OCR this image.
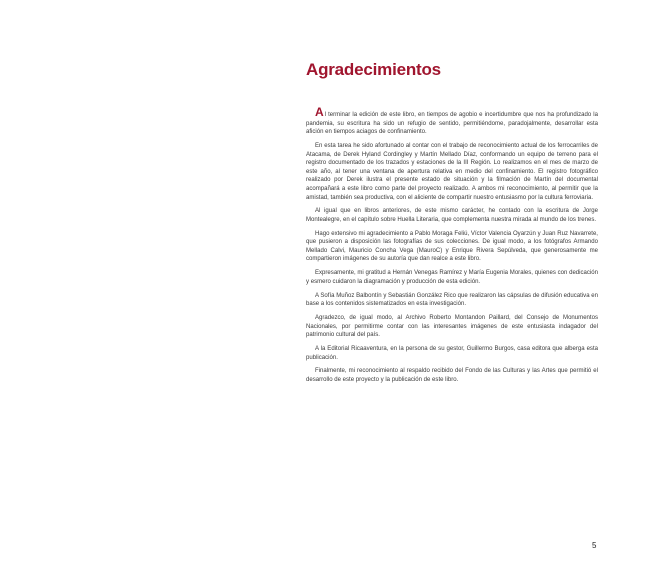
Agradecimientos

Al terminar la edición de este libro, en tiempos de agobio e incertidumbre que nos ha profundizado la pandemia, su escritura ha sido un refugio de sentido, permitiéndome, paradojalmente, desarrollar esta afición en tiempos aciagos de confinamiento.

En esta tarea he sido afortunado al contar con el trabajo de reconocimiento actual de los ferrocarriles de Atacama, de Derek Hyland Cordingley y Martín Mellado Díaz, conformando un equipo de terreno para el registro documentado de los trazados y estaciones de la III Región. Lo realizamos en el mes de marzo de este año, al tener una ventana de apertura relativa en medio del confinamiento. El registro fotográfico realizado por Derek ilustra el presente estado de situación y la filmación de Martín del documental acompañará a este libro como parte del proyecto realizado. A ambos mi reconocimiento, al permitir que la amistad, también sea productiva, con el aliciente de compartir nuestro entusiasmo por la cultura ferroviaria.

Al igual que en libros anteriores, de este mismo carácter, he contado con la escritura de Jorge Montealegre, en el capítulo sobre Huella Literaria, que complementa nuestra mirada al mundo de los trenes.

Hago extensivo mi agradecimiento a Pablo Moraga Feliú, Víctor Valencia Oyarzún y Juan Ruz Navarrete, que pusieron a disposición las fotografías de sus colecciones. De igual modo, a los fotógrafos Armando Mellado Calvi, Mauricio Concha Vega (MauroC) y Enrique Rivera Sepúlveda, que generosamente me compartieron imágenes de su autoría que dan realce a este libro.

Expresamente, mi gratitud a Hernán Venegas Ramírez y María Eugenia Morales, quienes con dedicación y esmero cuidaron la diagramación y producción de esta edición.

A Sofía Muñoz Balbontín y Sebastián González Rico que realizaron las cápsulas de difusión educativa en base a los contenidos sistematizados en esta investigación.

Agradezco, de igual modo, al Archivo Roberto Montandon Paillard, del Consejo de Monumentos Nacionales, por permitirme contar con las interesantes imágenes de este entusiasta indagador del patrimonio cultural del país.

A la Editorial Ricaaventura, en la persona de su gestor, Guillermo Burgos, casa editora que alberga esta publicación.

Finalmente, mi reconocimiento al respaldo recibido del Fondo de las Culturas y las Artes que permitió el desarrollo de este proyecto y la publicación de este libro.

5
